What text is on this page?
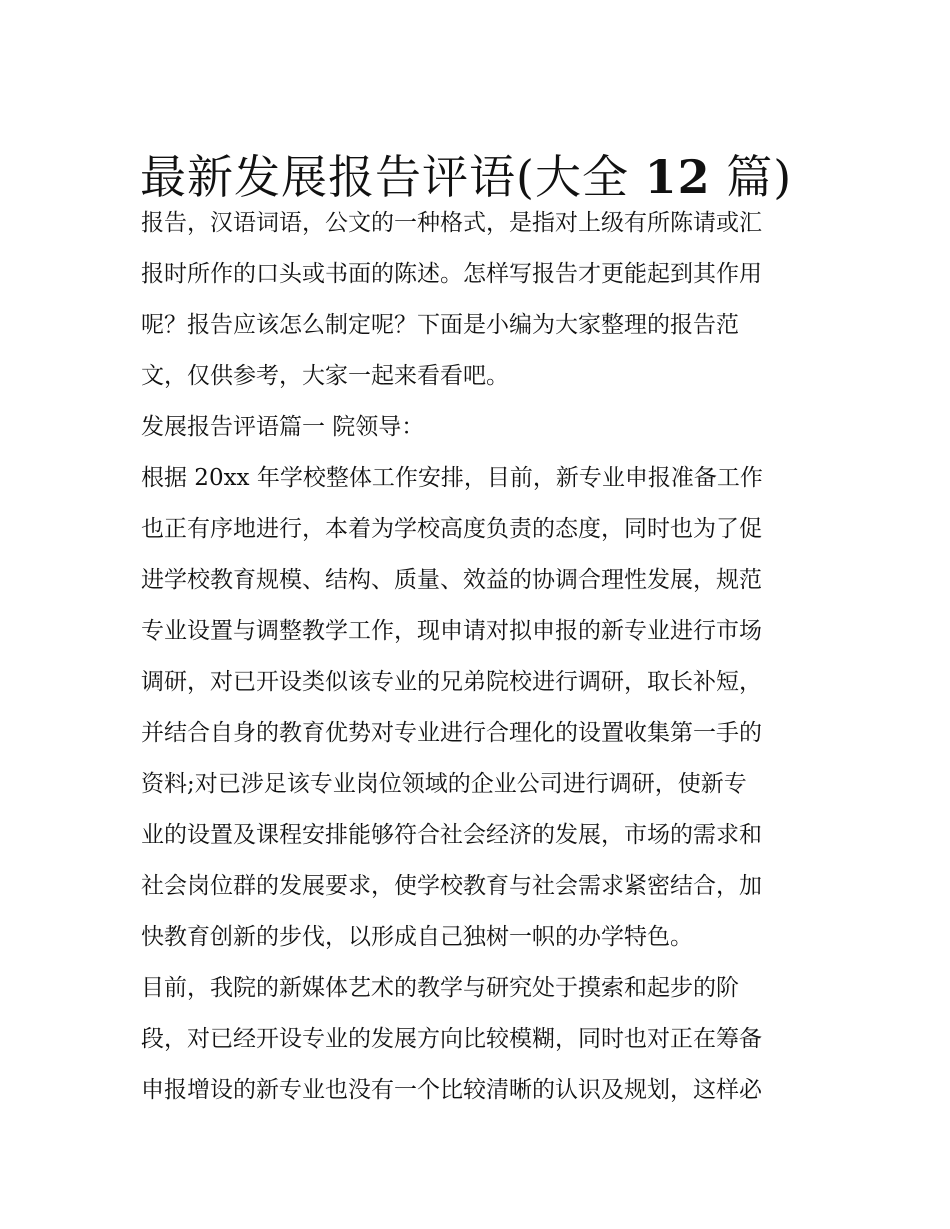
最新发展报告评语(大全 12 篇)
报告，汉语词语，公文的一种格式，是指对上级有所陈请或汇
报时所作的口头或书面的陈述。怎样写报告才更能起到其作用
呢？报告应该怎么制定呢？下面是小编为大家整理的报告范
文，仅供参考，大家一起来看看吧。
发展报告评语篇一 院领导：
根据 20xx 年学校整体工作安排，目前，新专业申报准备工作
也正有序地进行，本着为学校高度负责的态度，同时也为了促
进学校教育规模、结构、质量、效益的协调合理性发展，规范
专业设置与调整教学工作，现申请对拟申报的新专业进行市场
调研，对已开设类似该专业的兄弟院校进行调研，取长补短，
并结合自身的教育优势对专业进行合理化的设置收集第一手的
资料;对已涉足该专业岗位领域的企业公司进行调研，使新专
业的设置及课程安排能够符合社会经济的发展，市场的需求和
社会岗位群的发展要求，使学校教育与社会需求紧密结合，加
快教育创新的步伐，以形成自己独树一帜的办学特色。
目前，我院的新媒体艺术的教学与研究处于摸索和起步的阶
段，对已经开设专业的发展方向比较模糊，同时也对正在筹备
申报增设的新专业也没有一个比较清晰的认识及规划，这样必
